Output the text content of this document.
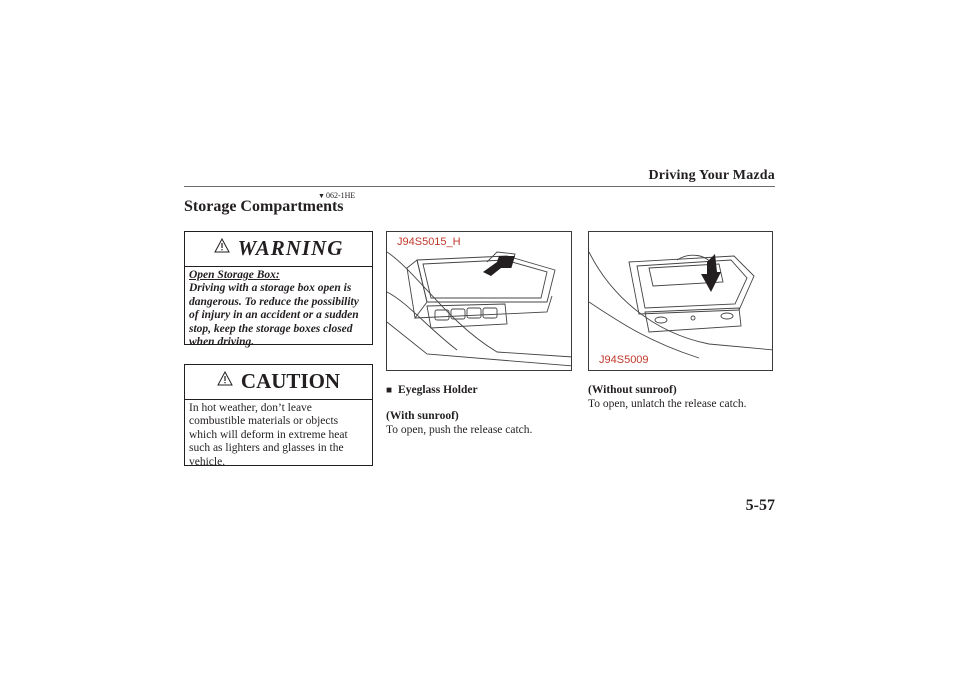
Driving Your Mazda
▼062-1HE
Storage Compartments
WARNING
Open Storage Box:
Driving with a storage box open is dangerous. To reduce the possibility of injury in an accident or a sudden stop, keep the storage boxes closed when driving.
CAUTION
In hot weather, don’t leave combustible materials or objects which will deform in extreme heat such as lighters and glasses in the vehicle.
J94S5015_H
J94S5009
■ Eyeglass Holder
(With sunroof)
To open, push the release catch.
(Without sunroof)
To open, unlatch the release catch.
5-57
